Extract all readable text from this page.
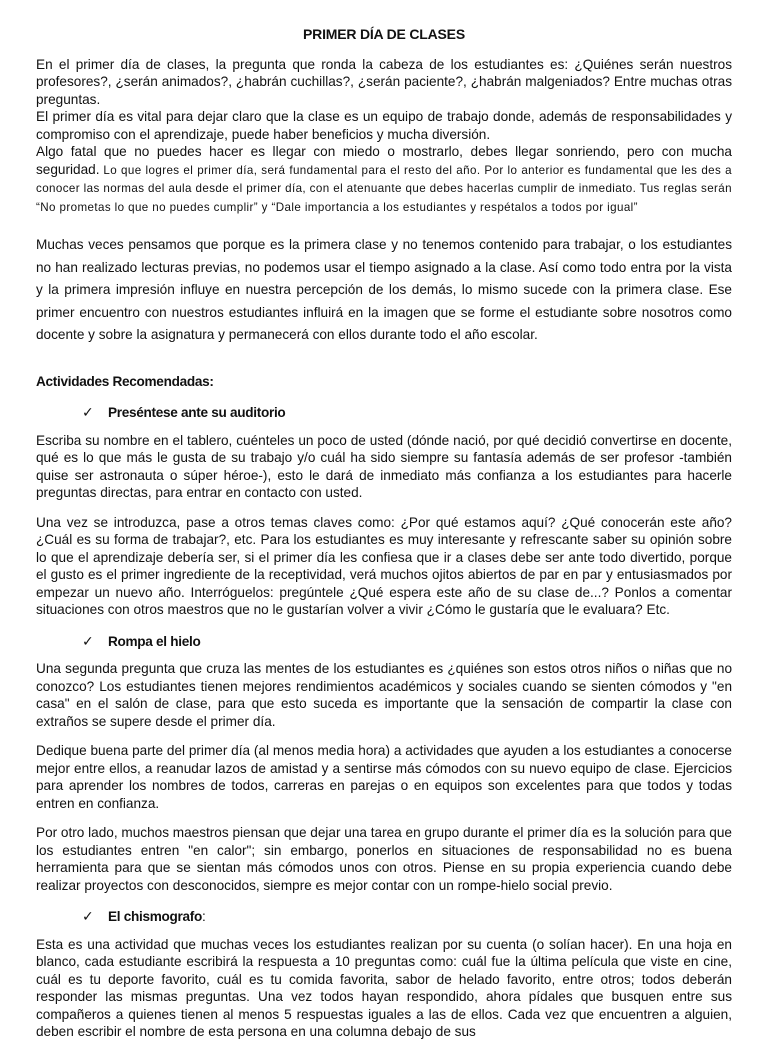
PRIMER DÍA DE CLASES

En el primer día de clases, la pregunta que ronda la cabeza de los estudiantes es: ¿Quiénes serán nuestros profesores?, ¿serán animados?, ¿habrán cuchillas?, ¿serán paciente?, ¿habrán malgeniados? Entre muchas otras preguntas.

El primer día es vital para dejar claro que la clase es un equipo de trabajo donde, además de responsabilidades y compromiso con el aprendizaje, puede haber beneficios y mucha diversión.

Algo fatal que no puedes hacer es llegar con miedo o mostrarlo, debes llegar sonriendo, pero con mucha seguridad. Lo que logres el primer día, será fundamental para el resto del año. Por lo anterior es fundamental que les des a conocer las normas del aula desde el primer día, con el atenuante que debes hacerlas cumplir de inmediato. Tus reglas serán “No prometas lo que no puedes cumplir” y “Dale importancia a los estudiantes y respétalos a todos por igual”

Muchas veces pensamos que porque es la primera clase y no tenemos contenido para trabajar, o los estudiantes no han realizado lecturas previas, no podemos usar el tiempo asignado a la clase. Así como todo entra por la vista y la primera impresión influye en nuestra percepción de los demás, lo mismo sucede con la primera clase. Ese primer encuentro con nuestros estudiantes influirá en la imagen que se forme el estudiante sobre nosotros como docente y sobre la asignatura y permanecerá con ellos durante todo el año escolar.

Actividades Recomendadas:
✓	Preséntese ante su auditorio

Escriba su nombre en el tablero, cuénteles un poco de usted (dónde nació, por qué decidió convertirse en docente, qué es lo que más le gusta de su trabajo y/o cuál ha sido siempre su fantasía además de ser profesor -también quise ser astronauta o súper héroe-), esto le dará de inmediato más confianza a los estudiantes para hacerle preguntas directas, para entrar en contacto con usted.

Una vez se introduzca, pase a otros temas claves como: ¿Por qué estamos aquí? ¿Qué conocerán este año? ¿Cuál es su forma de trabajar?, etc. Para los estudiantes es muy interesante y refrescante saber su opinión sobre lo que el aprendizaje debería ser, si el primer día les confiesa que ir a clases debe ser ante todo divertido, porque el gusto es el primer ingrediente de la receptividad, verá muchos ojitos abiertos de par en par y entusiasmados por empezar un nuevo año. Interróguelos: pregúntele ¿Qué espera este año de su clase de...? Ponlos a comentar situaciones con otros maestros que no le gustarían volver a vivir ¿Cómo le gustaría que le evaluara? Etc.

✓	Rompa el hielo

Una segunda pregunta que cruza las mentes de los estudiantes es ¿quiénes son estos otros niños o niñas que no conozco? Los estudiantes tienen mejores rendimientos académicos y sociales cuando se sienten cómodos y "en casa" en el salón de clase, para que esto suceda es importante que la sensación de compartir la clase con extraños se supere desde el primer día.

Dedique buena parte del primer día (al menos media hora) a actividades que ayuden a los estudiantes a conocerse mejor entre ellos, a reanudar lazos de amistad y a sentirse más cómodos con su nuevo equipo de clase. Ejercicios para aprender los nombres de todos, carreras en parejas o en equipos son excelentes para que todos y todas entren en confianza.

Por otro lado, muchos maestros piensan que dejar una tarea en grupo durante el primer día es la solución para que los estudiantes entren "en calor"; sin embargo, ponerlos en situaciones de responsabilidad no es buena herramienta para que se sientan más cómodos unos con otros. Piense en su propia experiencia cuando debe realizar proyectos con desconocidos, siempre es mejor contar con un rompe-hielo social previo.

✓	El chismografo :

Esta es una actividad que muchas veces los estudiantes realizan por su cuenta (o solían hacer). En una hoja en blanco, cada estudiante escribirá la respuesta a 10 preguntas como: cuál fue la última película que viste en cine, cuál es tu deporte favorito, cuál es tu comida favorita, sabor de helado favorito, entre otros; todos deberán responder las mismas preguntas. Una vez todos hayan respondido, ahora pídales que busquen entre sus compañeros a quienes tienen al menos 5 respuestas iguales a las de ellos. Cada vez que encuentren a alguien, deben escribir el nombre de esta persona en una columna debajo de sus
